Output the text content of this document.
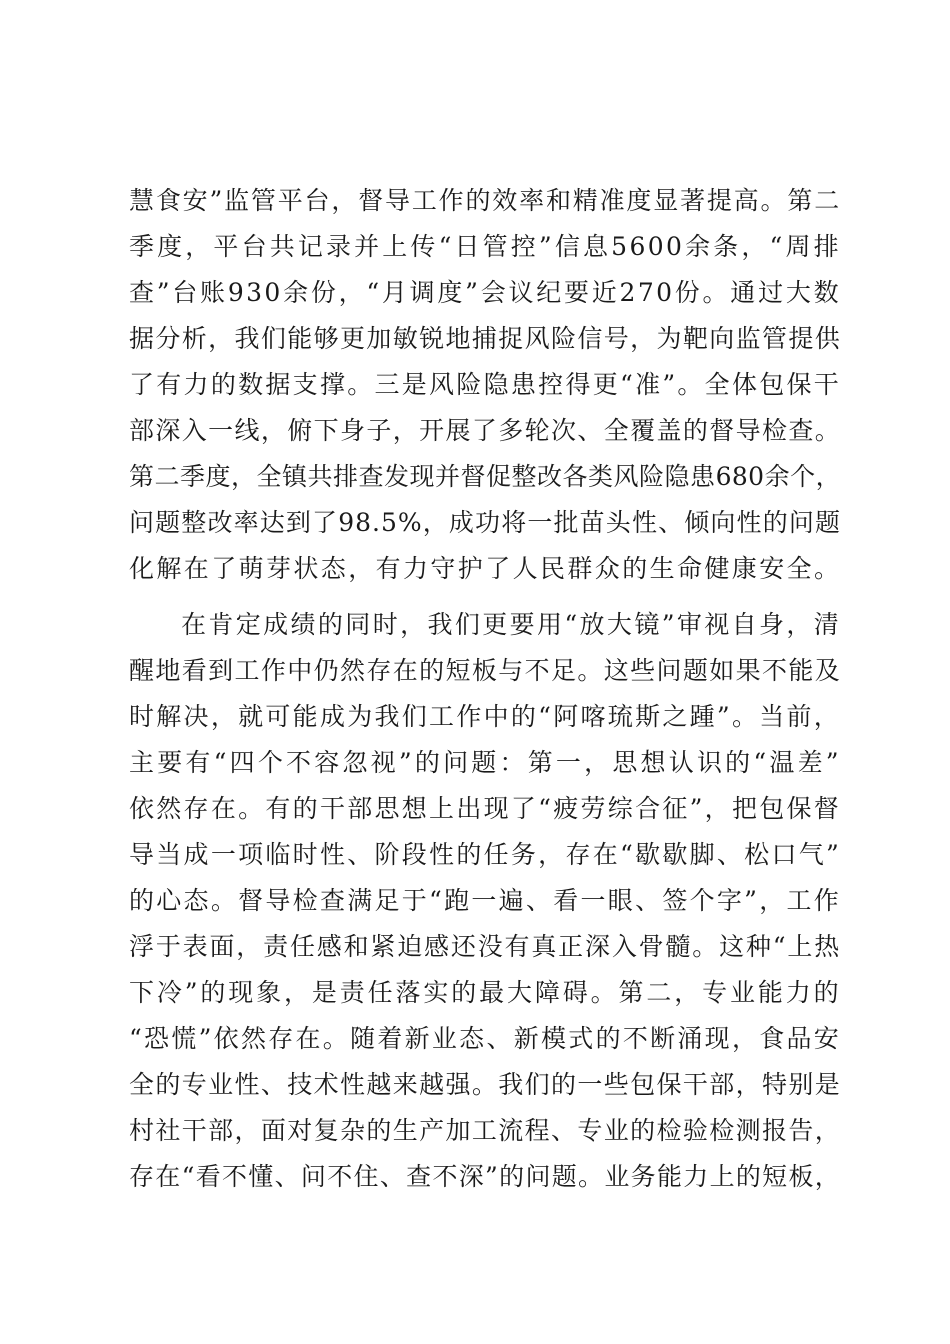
慧食安”监管平台，督导工作的效率和精准度显著提高。第二
季度，平台共记录并上传“日管控”信息5600余条，“周排
查”台账930余份，“月调度”会议纪要近270份。通过大数
据分析，我们能够更加敏锐地捕捉风险信号，为靶向监管提供
了有力的数据支撑。三是风险隐患控得更“准”。全体包保干
部深入一线，俯下身子，开展了多轮次、全覆盖的督导检查。
第二季度，全镇共排查发现并督促整改各类风险隐患680余个，
问题整改率达到了98.5%，成功将一批苗头性、倾向性的问题
化解在了萌芽状态，有力守护了人民群众的生命健康安全。
在肯定成绩的同时，我们更要用“放大镜”审视自身，清
醒地看到工作中仍然存在的短板与不足。这些问题如果不能及
时解决，就可能成为我们工作中的“阿喀琉斯之踵”。当前，
主要有“四个不容忽视”的问题：第一，思想认识的“温差”
依然存在。有的干部思想上出现了“疲劳综合征”，把包保督
导当成一项临时性、阶段性的任务，存在“歇歇脚、松口气”
的心态。督导检查满足于“跑一遍、看一眼、签个字”，工作
浮于表面，责任感和紧迫感还没有真正深入骨髓。这种“上热
下冷”的现象，是责任落实的最大障碍。第二，专业能力的
“恐慌”依然存在。随着新业态、新模式的不断涌现，食品安
全的专业性、技术性越来越强。我们的一些包保干部，特别是
村社干部，面对复杂的生产加工流程、专业的检验检测报告，
存在“看不懂、问不住、查不深”的问题。业务能力上的短板，
